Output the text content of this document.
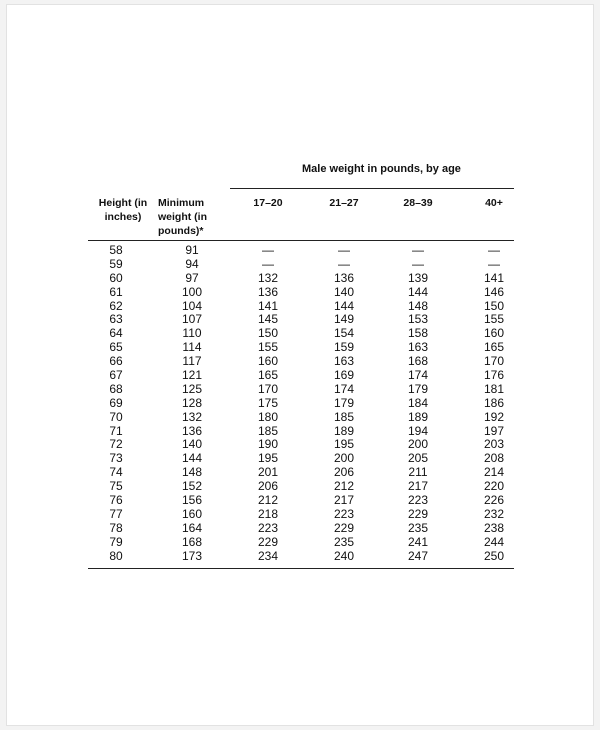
Male weight in pounds, by age
Height (in inches)
Minimum weight (in pounds)*
17–20	21–27	28–39	40+
58	91	—	—	—	—
59	94	—	—	—	—
60	97	132	136	139	141
61	100	136	140	144	146
62	104	141	144	148	150
63	107	145	149	153	155
64	110	150	154	158	160
65	114	155	159	163	165
66	117	160	163	168	170
67	121	165	169	174	176
68	125	170	174	179	181
69	128	175	179	184	186
70	132	180	185	189	192
71	136	185	189	194	197
72	140	190	195	200	203
73	144	195	200	205	208
74	148	201	206	211	214
75	152	206	212	217	220
76	156	212	217	223	226
77	160	218	223	229	232
78	164	223	229	235	238
79	168	229	235	241	244
80	173	234	240	247	250
